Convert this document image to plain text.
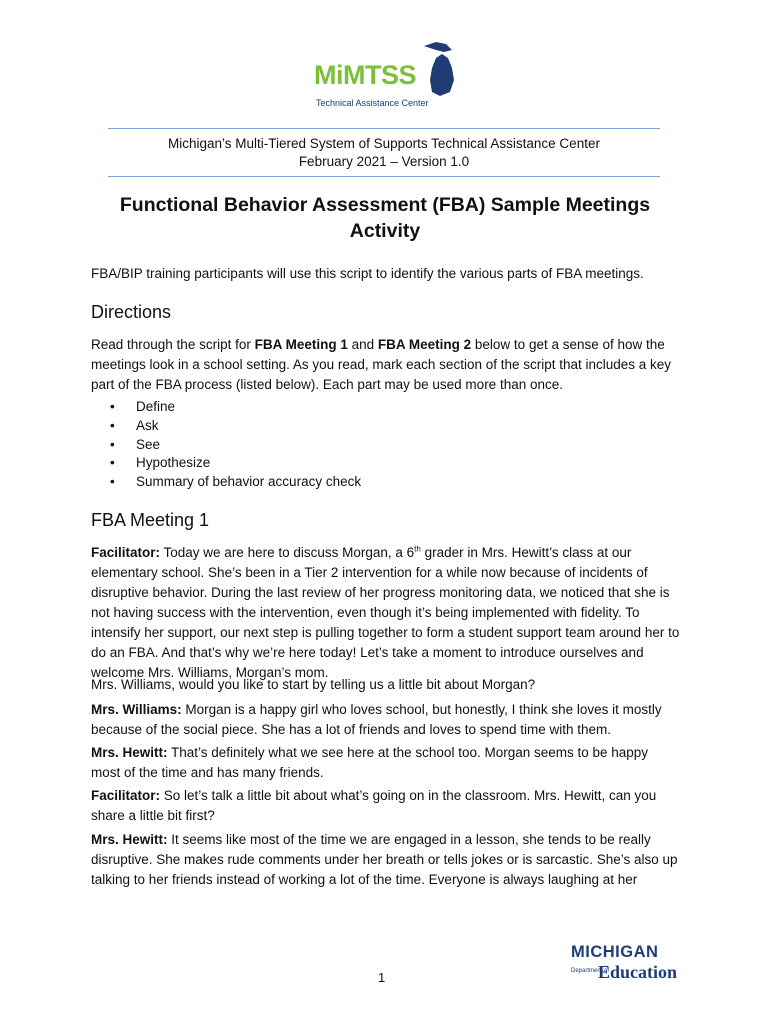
MiMTSS
Technical Assistance Center
Michigan’s Multi-Tiered System of Supports Technical Assistance Center
February 2021 – Version 1.0
Functional Behavior Assessment (FBA) Sample Meetings
Activity

FBA/BIP training participants will use this script to identify the various parts of FBA meetings.

Directions

Read through the script for FBA Meeting 1 and FBA Meeting 2 below to get a sense of how the meetings look in a school setting. As you read, mark each section of the script that includes a key part of the FBA process (listed below). Each part may be used more than once.

• Define
• Ask
• See
• Hypothesize
• Summary of behavior accuracy check
FBA Meeting 1

Facilitator: Today we are here to discuss Morgan, a 6th grader in Mrs. Hewitt’s class at our elementary school. She’s been in a Tier 2 intervention for a while now because of incidents of disruptive behavior. During the last review of her progress monitoring data, we noticed that she is not having success with the intervention, even though it’s being implemented with fidelity. To intensify her support, our next step is pulling together to form a student support team around her to do an FBA. And that’s why we’re here today! Let’s take a moment to introduce ourselves and welcome Mrs. Williams, Morgan’s mom.

Mrs. Williams, would you like to start by telling us a little bit about Morgan?

Mrs. Williams: Morgan is a happy girl who loves school, but honestly, I think she loves it mostly because of the social piece. She has a lot of friends and loves to spend time with them.

Mrs. Hewitt: That’s definitely what we see here at the school too. Morgan seems to be happy most of the time and has many friends.

Facilitator: So let’s talk a little bit about what’s going on in the classroom. Mrs. Hewitt, can you share a little bit first?

Mrs. Hewitt: It seems like most of the time we are engaged in a lesson, she tends to be really disruptive. She makes rude comments under her breath or tells jokes or is sarcastic. She’s also up talking to her friends instead of working a lot of the time. Everyone is always laughing at her

1
MICHIGAN
Department of
Education
